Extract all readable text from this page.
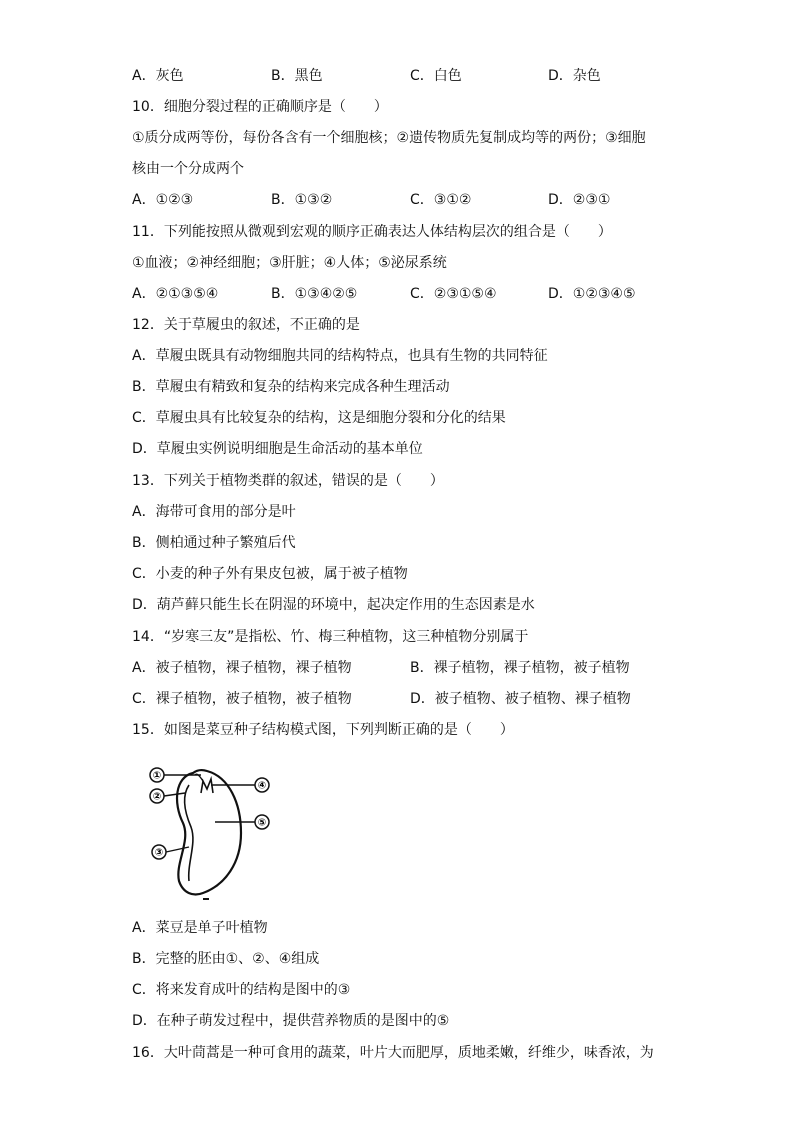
A．灰色	B．黑色	C．白色	D．杂色
10．细胞分裂过程的正确顺序是（　　）
①质分成两等份，每份各含有一个细胞核；②遗传物质先复制成均等的两份；③细胞
核由一个分成两个
A．①②③	B．①③②	C．③①②	D．②③①
11．下列能按照从微观到宏观的顺序正确表达人体结构层次的组合是（　　）
①血液；②神经细胞；③肝脏；④人体；⑤泌尿系统
A．②①③⑤④	B．①③④②⑤	C．②③①⑤④	D．①②③④⑤
12．关于草履虫的叙述，不正确的是
A．草履虫既具有动物细胞共同的结构特点，也具有生物的共同特征
B．草履虫有精致和复杂的结构来完成各种生理活动
C．草履虫具有比较复杂的结构，这是细胞分裂和分化的结果
D．草履虫实例说明细胞是生命活动的基本单位
13．下列关于植物类群的叙述，错误的是（　　）
A．海带可食用的部分是叶
B．侧柏通过种子繁殖后代
C．小麦的种子外有果皮包被，属于被子植物
D．葫芦藓只能生长在阴湿的环境中，起决定作用的生态因素是水
14．“岁寒三友”是指松、竹、梅三种植物，这三种植物分别属于
A．被子植物，裸子植物，裸子植物	B．裸子植物，裸子植物，被子植物
C．裸子植物，被子植物，被子植物	D．被子植物、被子植物、裸子植物
15．如图是菜豆种子结构模式图，下列判断正确的是（　　）
①
②
③
④
⑤
A．菜豆是单子叶植物
B．完整的胚由①、②、④组成
C．将来发育成叶的结构是图中的③
D．在种子萌发过程中，提供营养物质的是图中的⑤
16．大叶茼蒿是一种可食用的蔬菜，叶片大而肥厚，质地柔嫩，纤维少，味香浓，为
